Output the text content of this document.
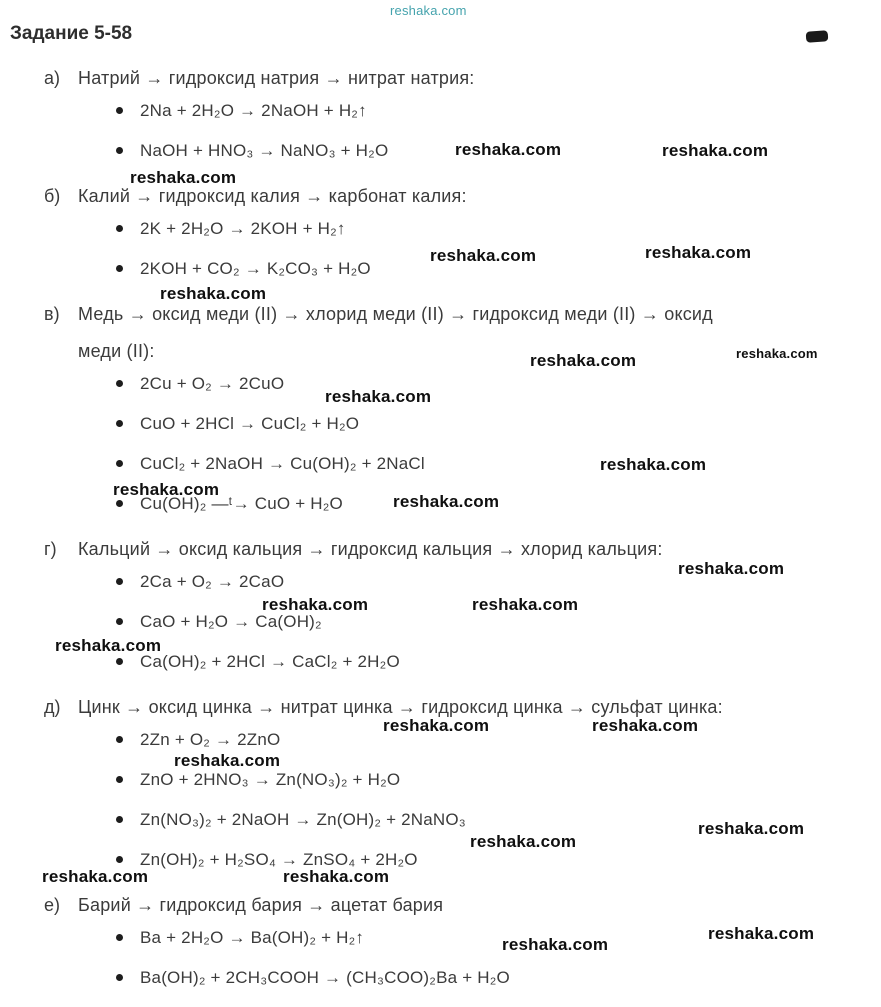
reshaka.com
reshaka.com	reshaka.com
reshaka.com
reshaka.com	reshaka.com
reshaka.com
reshaka.com	reshaka.com
reshaka.com
reshaka.com
reshaka.com
reshaka.com
reshaka.com
reshaka.com	reshaka.com
reshaka.com
reshaka.com	reshaka.com
reshaka.com
reshaka.com
reshaka.com
reshaka.com	reshaka.com
reshaka.com
reshaka.com
Задание 5-58
а) Натрий → гидроксид натрия → нитрат натрия:
2Na + 2H₂O → 2NaOH + H₂↑
NaOH + HNO₃ → NaNO₃ + H₂O
б) Калий → гидроксид калия → карбонат калия:
2K + 2H₂O → 2KOH + H₂↑
2KOH + CO₂ → K₂CO₃ + H₂O
в) Медь → оксид меди (II) → хлорид меди (II) → гидроксид меди (II) → оксид
меди (II):
2Cu + O₂ → 2CuO
CuO + 2HCl → CuCl₂ + H₂O
CuCl₂ + 2NaOH → Cu(OH)₂ + 2NaCl
Cu(OH)₂ —ᵗ→ CuO + H₂O
г) Кальций → оксид кальция → гидроксид кальция → хлорид кальция:
2Ca + O₂ → 2CaO
CaO + H₂O → Ca(OH)₂
Ca(OH)₂ + 2HCl → CaCl₂ + 2H₂O
д) Цинк → оксид цинка → нитрат цинка → гидроксид цинка → сульфат цинка:
2Zn + O₂ → 2ZnO
ZnO + 2HNO₃ → Zn(NO₃)₂ + H₂O
Zn(NO₃)₂ + 2NaOH → Zn(OH)₂ + 2NaNO₃
Zn(OH)₂ + H₂SO₄ → ZnSO₄ + 2H₂O
е) Барий → гидроксид бария → ацетат бария
Ba + 2H₂O → Ba(OH)₂ + H₂↑
Ba(OH)₂ + 2CH₃COOH → (CH₃COO)₂Ba + H₂O
